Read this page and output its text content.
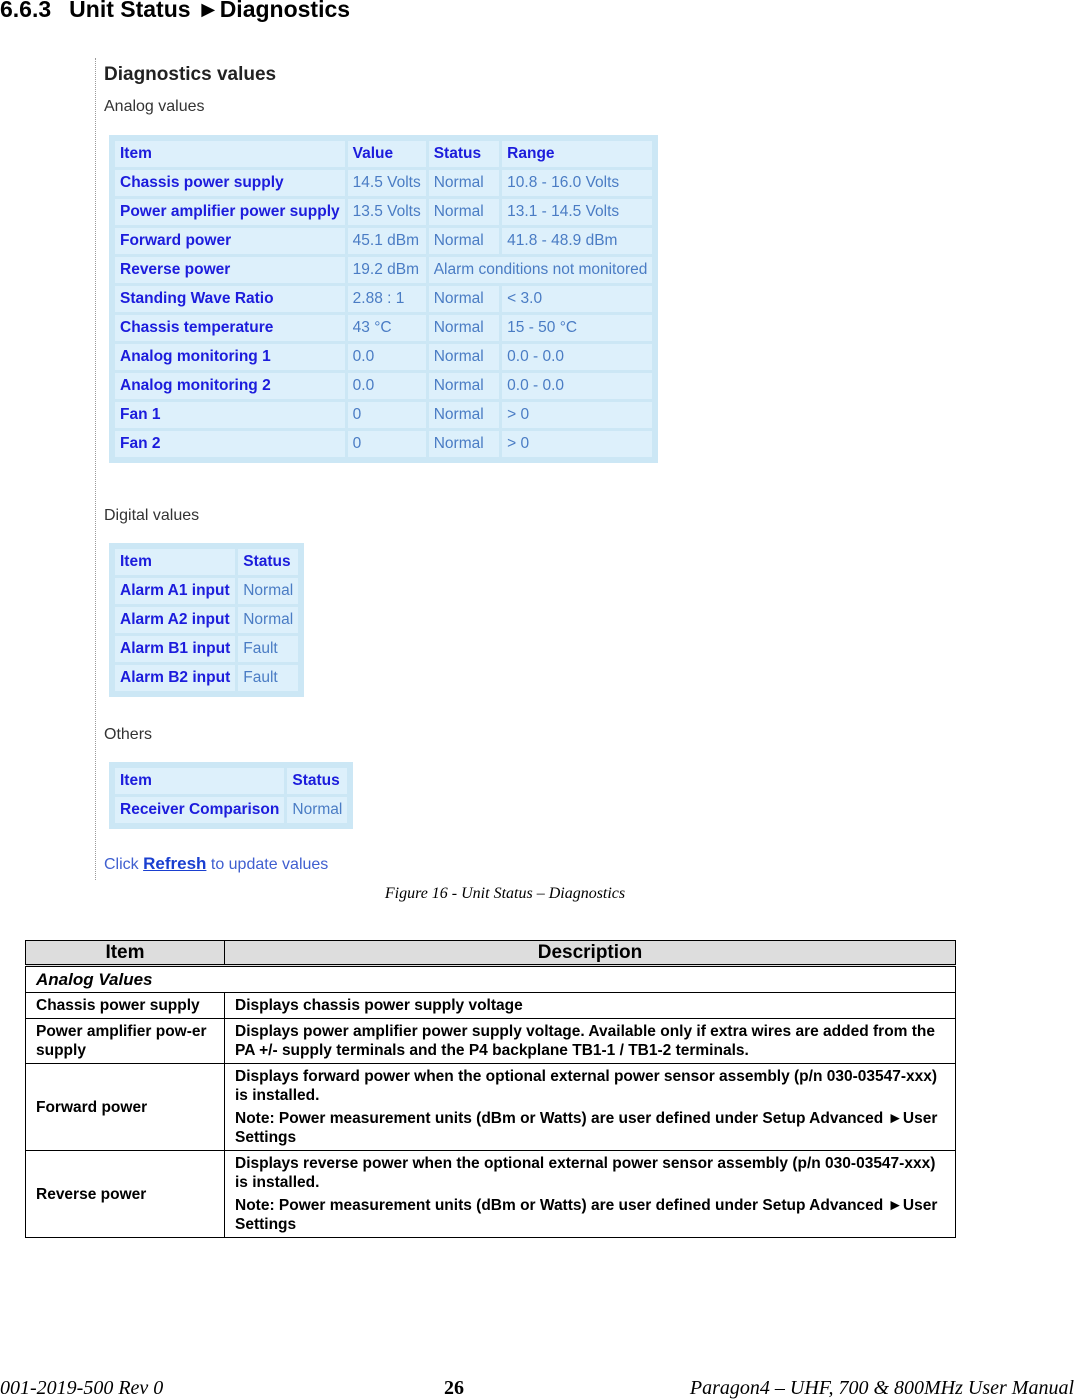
6.6.3 Unit Status ►Diagnostics
Diagnostics values
Analog values
Item	Value	Status	Range
Chassis power supply	14.5 Volts	Normal	10.8 - 16.0 Volts
Power amplifier power supply	13.5 Volts	Normal	13.1 - 14.5 Volts
Forward power	45.1 dBm	Normal	41.8 - 48.9 dBm
Reverse power	19.2 dBm	Alarm conditions not monitored	
Standing Wave Ratio	2.88 : 1	Normal	< 3.0
Chassis temperature	43 °C	Normal	15 - 50 °C
Analog monitoring 1	0.0	Normal	0.0 - 0.0
Analog monitoring 2	0.0	Normal	0.0 - 0.0
Fan 1	0	Normal	> 0
Fan 2	0	Normal	> 0
Digital values
Item	Status
Alarm A1 input	Normal
Alarm A2 input	Normal
Alarm B1 input	Fault
Alarm B2 input	Fault
Others
Item	Status
Receiver Comparison	Normal
Click Refresh to update values
Figure 16 - Unit Status – Diagnostics
Item	Description
Analog Values	
Chassis power supply	Displays chassis power supply voltage

Power amplifier pow-er supply	Displays power amplifier power supply voltage. Available only if extra wires are added from the PA +/- supply terminals and the P4 backplane TB1-1 / TB1-2 terminals.

Forward power	Displays forward power when the optional external power sensor assembly (p/n 030-03547-xxx) is installed.

Note: Power measurement units (dBm or Watts) are user defined under Setup Advanced ►User Settings

Reverse power	Displays reverse power when the optional external power sensor assembly (p/n 030-03547-xxx) is installed.

Note: Power measurement units (dBm or Watts) are user defined under Setup Advanced ►User Settings

001-2019-500 Rev 0	26	Paragon4 – UHF, 700 & 800MHz User Manual
